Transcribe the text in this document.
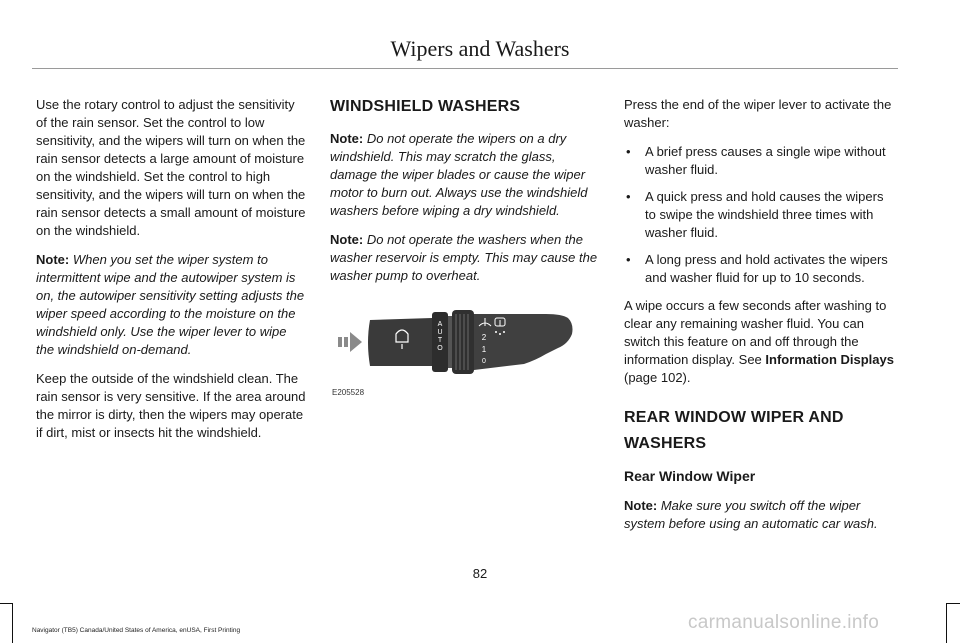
Wipers and Washers

Use the rotary control to adjust the sensitivity of the rain sensor. Set the control to low sensitivity, and the wipers will turn on when the rain sensor detects a large amount of moisture on the windshield. Set the control to high sensitivity, and the wipers will turn on when the rain sensor detects a small amount of moisture on the windshield.

Note: When you set the wiper system to intermittent wipe and the autowiper system is on, the autowiper sensitivity setting adjusts the wiper speed according to the moisture on the windshield only. Use the wiper lever to wipe the windshield on-demand.

Keep the outside of the windshield clean. The rain sensor is very sensitive. If the area around the mirror is dirty, then the wipers may operate if dirt, mist or insects hit the windshield.

WINDSHIELD WASHERS

Note: Do not operate the wipers on a dry windshield. This may scratch the glass, damage the wiper blades or cause the wiper motor to burn out. Always use the windshield washers before wiping a dry windshield.

Note: Do not operate the washers when the washer reservoir is empty. This may cause the washer pump to overheat.

A
U
T
O
2
1
0
E205528

Press the end of the wiper lever to activate the washer:

• A brief press causes a single wipe without washer fluid.
• A quick press and hold causes the wipers to swipe the windshield three times with washer fluid.
• A long press and hold activates the wipers and washer fluid for up to 10 seconds.

A wipe occurs a few seconds after washing to clear any remaining washer fluid. You can switch this feature on and off through the information display. See Information Displays (page 102).

REAR WINDOW WIPER AND WASHERS
Rear Window Wiper

Note: Make sure you switch off the wiper system before using an automatic car wash.

82
Navigator (TB5) Canada/United States of America, enUSA, First Printing	carmanualsonline.info
